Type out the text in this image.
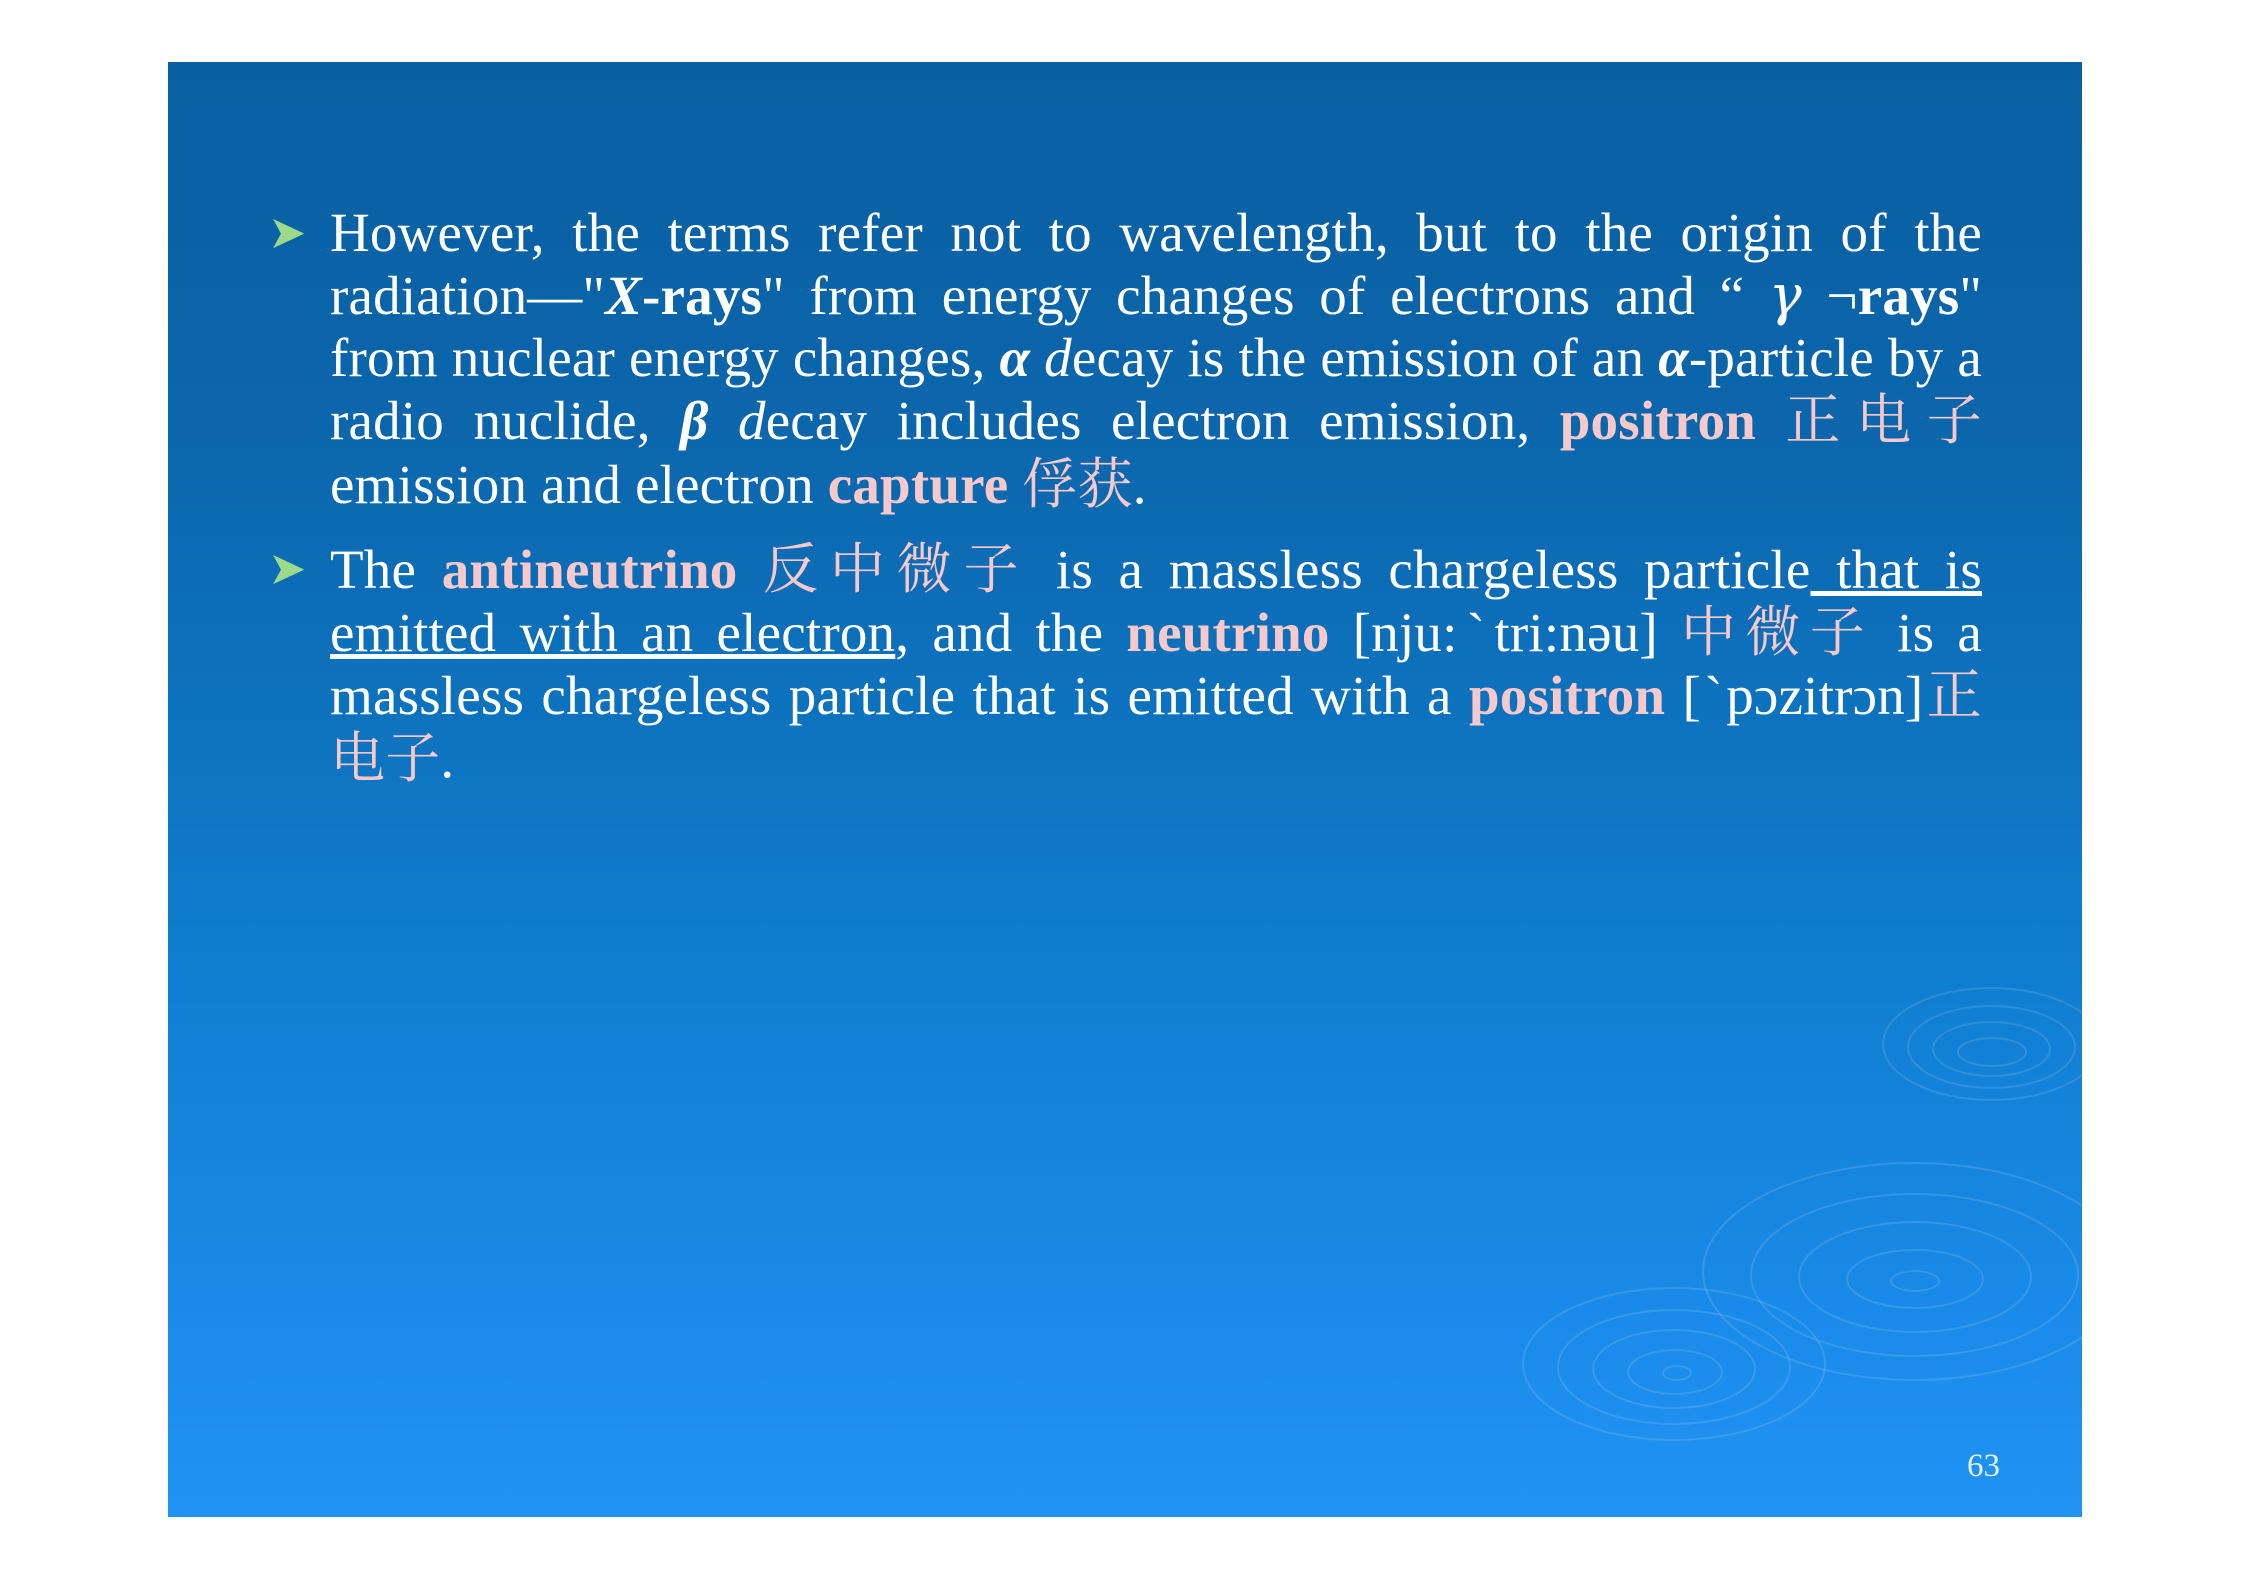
➤ However, the terms refer not to wavelength, but to the origin of the radiation—"X-rays" from energy changes of electrons and “ γ ¬rays" from nuclear energy changes, α decay is the emission of an α-particle by a radio nuclide, β decay includes electron emission, positron 正电子emission and electron capture 俘获.
➤ The antineutrino 反中微子 is a massless chargeless particle that is emitted with an electron, and the neutrino [nju:ˋtri:nəu] 中微子 is a massless chargeless particle that is emitted with a positron [ˋpɔzitrɔn]正电子.
63
